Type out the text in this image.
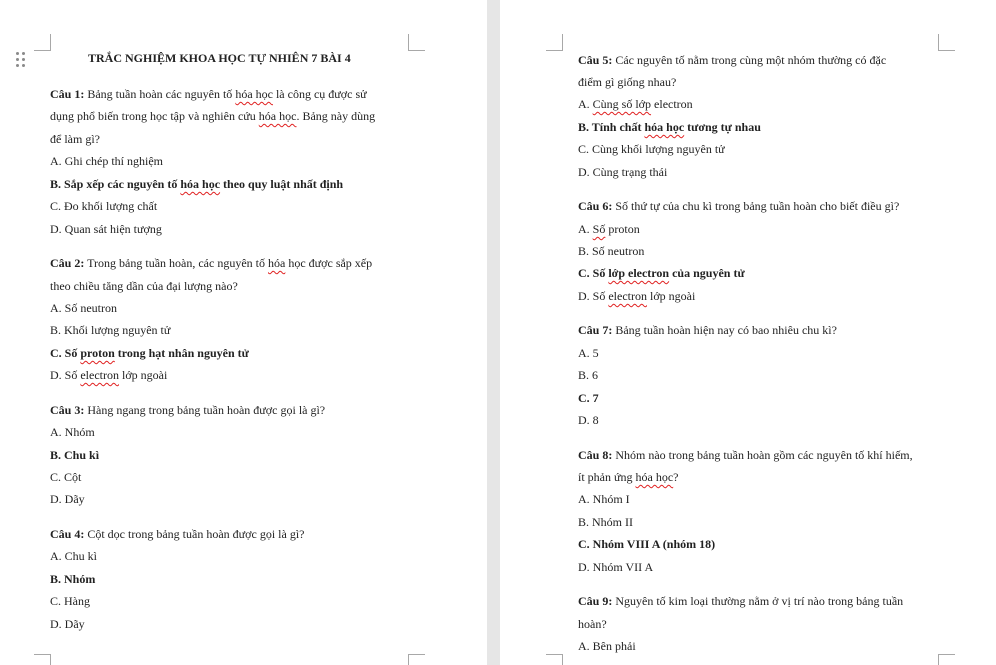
TRẮC NGHIỆM KHOA HỌC TỰ NHIÊN 7 BÀI 4
Câu 1: Bảng tuần hoàn các nguyên tố hóa học là công cụ được sử
dụng phổ biến trong học tập và nghiên cứu hóa học. Bảng này dùng
để làm gì?
A. Ghi chép thí nghiệm
B. Sắp xếp các nguyên tố hóa học theo quy luật nhất định
C. Đo khối lượng chất
D. Quan sát hiện tượng
Câu 2: Trong bảng tuần hoàn, các nguyên tố hóa học được sắp xếp
theo chiều tăng dần của đại lượng nào?
A. Số neutron
B. Khối lượng nguyên tử
C. Số proton trong hạt nhân nguyên tử
D. Số electron lớp ngoài
Câu 3: Hàng ngang trong bảng tuần hoàn được gọi là gì?
A. Nhóm
B. Chu kì
C. Cột
D. Dãy
Câu 4: Cột dọc trong bảng tuần hoàn được gọi là gì?
A. Chu kì
B. Nhóm
C. Hàng
D. Dãy
Câu 5: Các nguyên tố nằm trong cùng một nhóm thường có đặc
điểm gì giống nhau?
A. Cùng số lớp electron
B. Tính chất hóa học tương tự nhau
C. Cùng khối lượng nguyên tử
D. Cùng trạng thái
Câu 6: Số thứ tự của chu kì trong bảng tuần hoàn cho biết điều gì?
A. Số proton
B. Số neutron
C. Số lớp electron của nguyên tử
D. Số electron lớp ngoài
Câu 7: Bảng tuần hoàn hiện nay có bao nhiêu chu kì?
A. 5
B. 6
C. 7
D. 8
Câu 8: Nhóm nào trong bảng tuần hoàn gồm các nguyên tố khí hiếm,
ít phản ứng hóa học?
A. Nhóm I
B. Nhóm II
C. Nhóm VIII A (nhóm 18)
D. Nhóm VII A
Câu 9: Nguyên tố kim loại thường nằm ở vị trí nào trong bảng tuần
hoàn?
A. Bên phải
